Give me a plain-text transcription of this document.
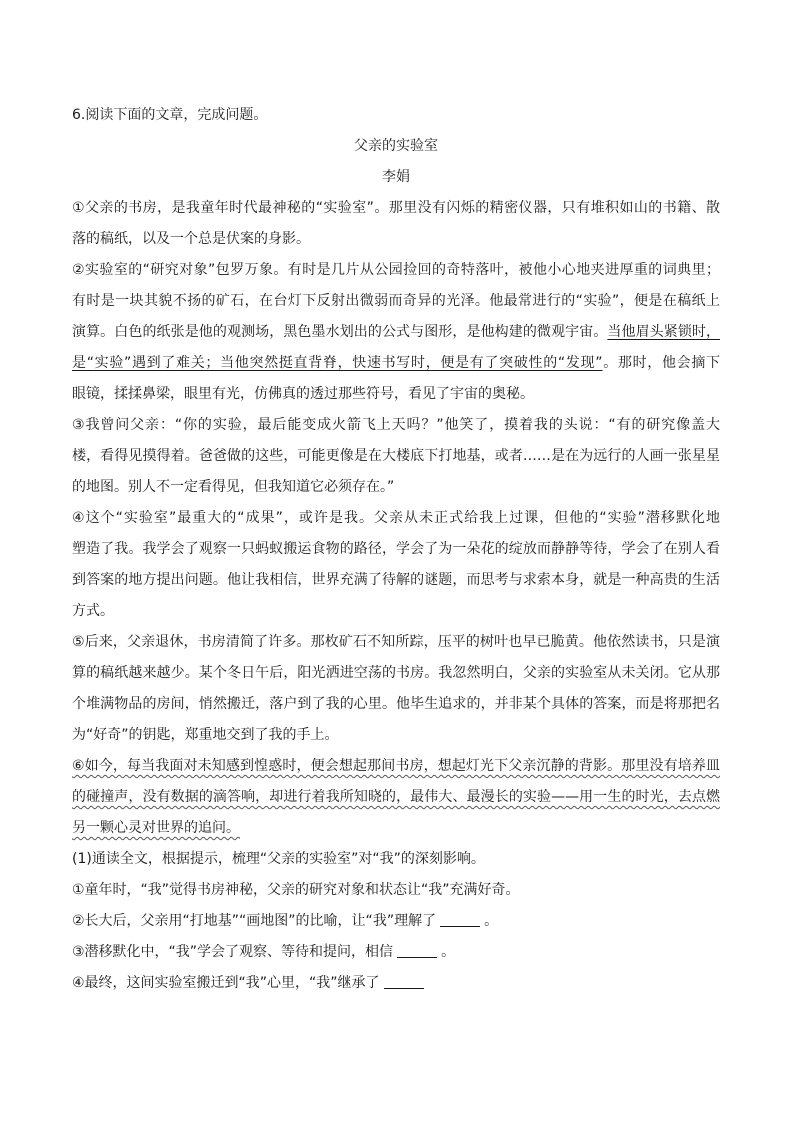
6.阅读下面的文章，完成问题。
父亲的实验室
李娟
①父亲的书房，是我童年时代最神秘的“实验室”。那里没有闪烁的精密仪器，只有堆积如山的书籍、散
落的稿纸，以及一个总是伏案的身影。
②实验室的“研究对象”包罗万象。有时是几片从公园捡回的奇特落叶，被他小心地夹进厚重的词典里；
有时是一块其貌不扬的矿石，在台灯下反射出微弱而奇异的光泽。他最常进行的“实验”，便是在稿纸上
演算。白色的纸张是他的观测场，黑色墨水划出的公式与图形，是他构建的微观宇宙。当他眉头紧锁时，
是“实验”遇到了难关；当他突然挺直背脊，快速书写时，便是有了突破性的“发现”。那时，他会摘下
眼镜，揉揉鼻梁，眼里有光，仿佛真的透过那些符号，看见了宇宙的奥秘。
③我曾问父亲：“你的实验，最后能变成火箭飞上天吗？”他笑了，摸着我的头说：“有的研究像盖大
楼，看得见摸得着。爸爸做的这些，可能更像是在大楼底下打地基，或者……是在为远行的人画一张星星
的地图。别人不一定看得见，但我知道它必须存在。”
④这个“实验室”最重大的“成果”，或许是我。父亲从未正式给我上过课，但他的“实验”潜移默化地
塑造了我。我学会了观察一只蚂蚁搬运食物的路径，学会了为一朵花的绽放而静静等待，学会了在别人看
到答案的地方提出问题。他让我相信，世界充满了待解的谜题，而思考与求索本身，就是一种高贵的生活
方式。
⑤后来，父亲退休，书房清简了许多。那枚矿石不知所踪，压平的树叶也早已脆黄。他依然读书，只是演
算的稿纸越来越少。某个冬日午后，阳光洒进空荡的书房。我忽然明白，父亲的实验室从未关闭。它从那
个堆满物品的房间，悄然搬迁，落户到了我的心里。他毕生追求的，并非某个具体的答案，而是将那把名
为“好奇”的钥匙，郑重地交到了我的手上。
⑥如今，每当我面对未知感到惶惑时，便会想起那间书房，想起灯光下父亲沉静的背影。那里没有培养皿
的碰撞声，没有数据的滴答响，却进行着我所知晓的，最伟大、最漫长的实验——用一生的时光，去点燃
另一颗心灵对世界的追问。
(1)通读全文，根据提示，梳理“父亲的实验室”对“我”的深刻影响。
①童年时，“我”觉得书房神秘，父亲的研究对象和状态让“我”充满好奇。
②长大后，父亲用“打地基”“画地图”的比喻，让“我”理解了	。
③潜移默化中，“我”学会了观察、等待和提问，相信	。
④最终，这间实验室搬迁到“我”心里，“我”继承了
